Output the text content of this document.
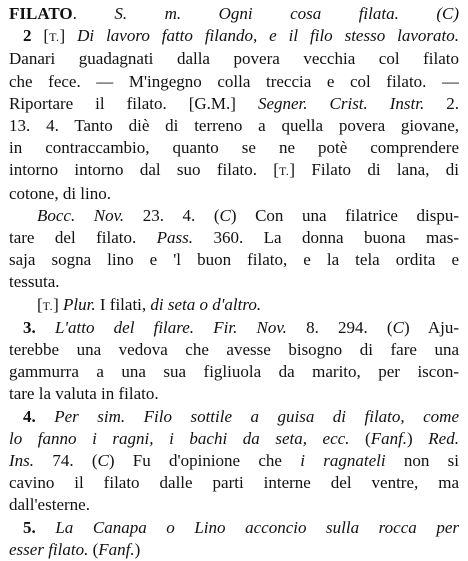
FILATO. S. m. Ogni cosa filata. (C)
2 [T.] Di lavoro fatto filando, e il filo stesso lavorato.
Danari guadagnati dalla povera vecchia col filato
che fece. — M'ingegno colla treccia e col filato. —
Riportare il filato. [G.M.] Segner. Crist. Instr. 2.
13. 4. Tanto diè di terreno a quella povera giovane,
in contraccambio, quanto se ne potè comprendere
intorno intorno dal suo filato. [T.] Filato di lana, di
cotone, di lino.
Bocc. Nov. 23. 4. (C) Con una filatrice dispu-
tare del filato. Pass. 360. La donna buona mas-
saja sogna lino e 'l buon filato, e la tela ordita e
tessuta.
[T.] Plur. I filati, di seta o d'altro.
3. L'atto del filare. Fir. Nov. 8. 294. (C) Aju-
terebbe una vedova che avesse bisogno di fare una
gammurra a una sua figliuola da marito, per iscon-
tare la valuta in filato.
4. Per sim. Filo sottile a guisa di filato, come
lo fanno i ragni, i bachi da seta, ecc. (Fanf.) Red.
Ins. 74. (C) Fu d'opinione che i ragnateli non si
cavino il filato dalle parti interne del ventre, ma
dall'esterne.
5. La Canapa o Lino acconcio sulla rocca per
esser filato. (Fanf.)
